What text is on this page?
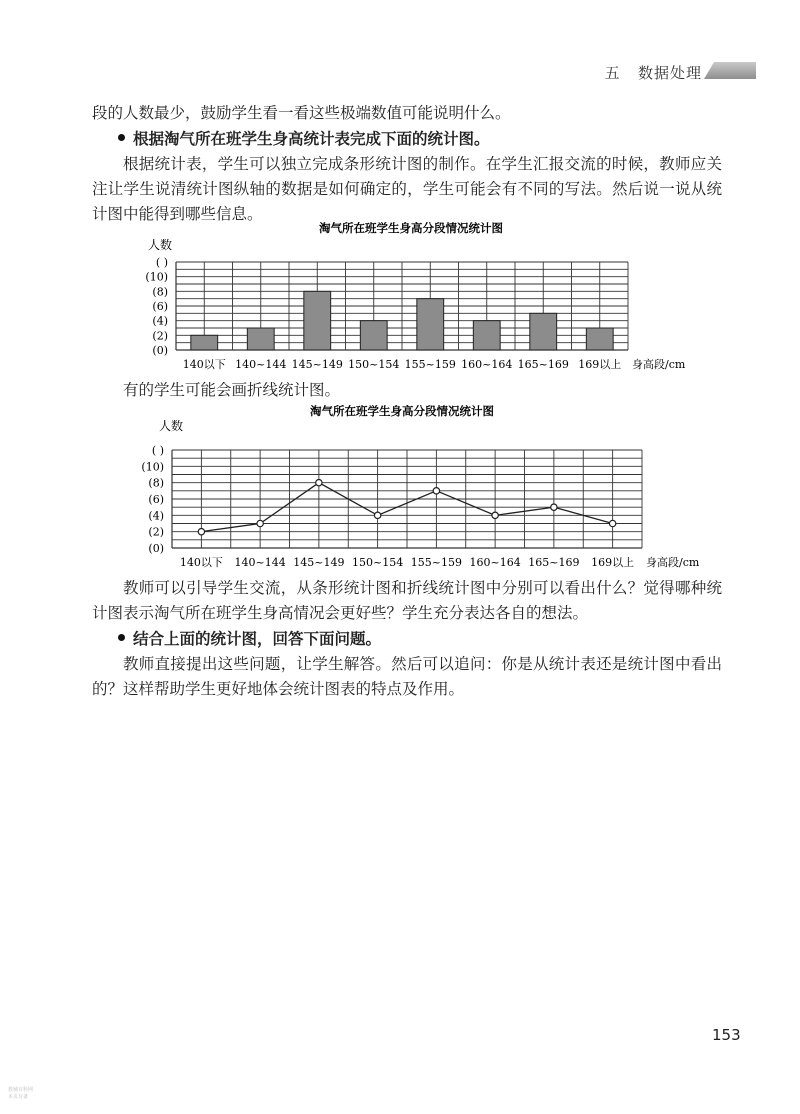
五 数据处理

段的人数最少，鼓励学生看一看这些极端数值可能说明什么。

根据淘气所在班学生身高统计表完成下面的统计图。

根据统计表，学生可以独立完成条形统计图的制作。在学生汇报交流的时候，教师应关注让学生说清统计图纵轴的数据是如何确定的，学生可能会有不同的写法。然后说一说从统计图中能得到哪些信息。

淘气所在班学生身高分段情况统计图
人数
(0)
(2)
(4)
(6)
(8)
(10)
( )
140以下 140~144 145~149 150~154 155~159 160~164 165~169 169以上 身高段/cm

有的学生可能会画折线统计图。

淘气所在班学生身高分段情况统计图
人数
(0)
(2)
(4)
(6)
(8)
(10)
( )
140以下 140~144 145~149 150~154 155~159 160~164 165~169 169以上 身高段/cm

教师可以引导学生交流，从条形统计图和折线统计图中分别可以看出什么？觉得哪种统计图表示淘气所在班学生身高情况会更好些？学生充分表达各自的想法。

结合上面的统计图，回答下面问题。

教师直接提出这些问题，让学生解答。然后可以追问：你是从统计表还是统计图中看出的？这样帮助学生更好地体会统计图表的特点及作用。

153
教辅百科网
本页有备
